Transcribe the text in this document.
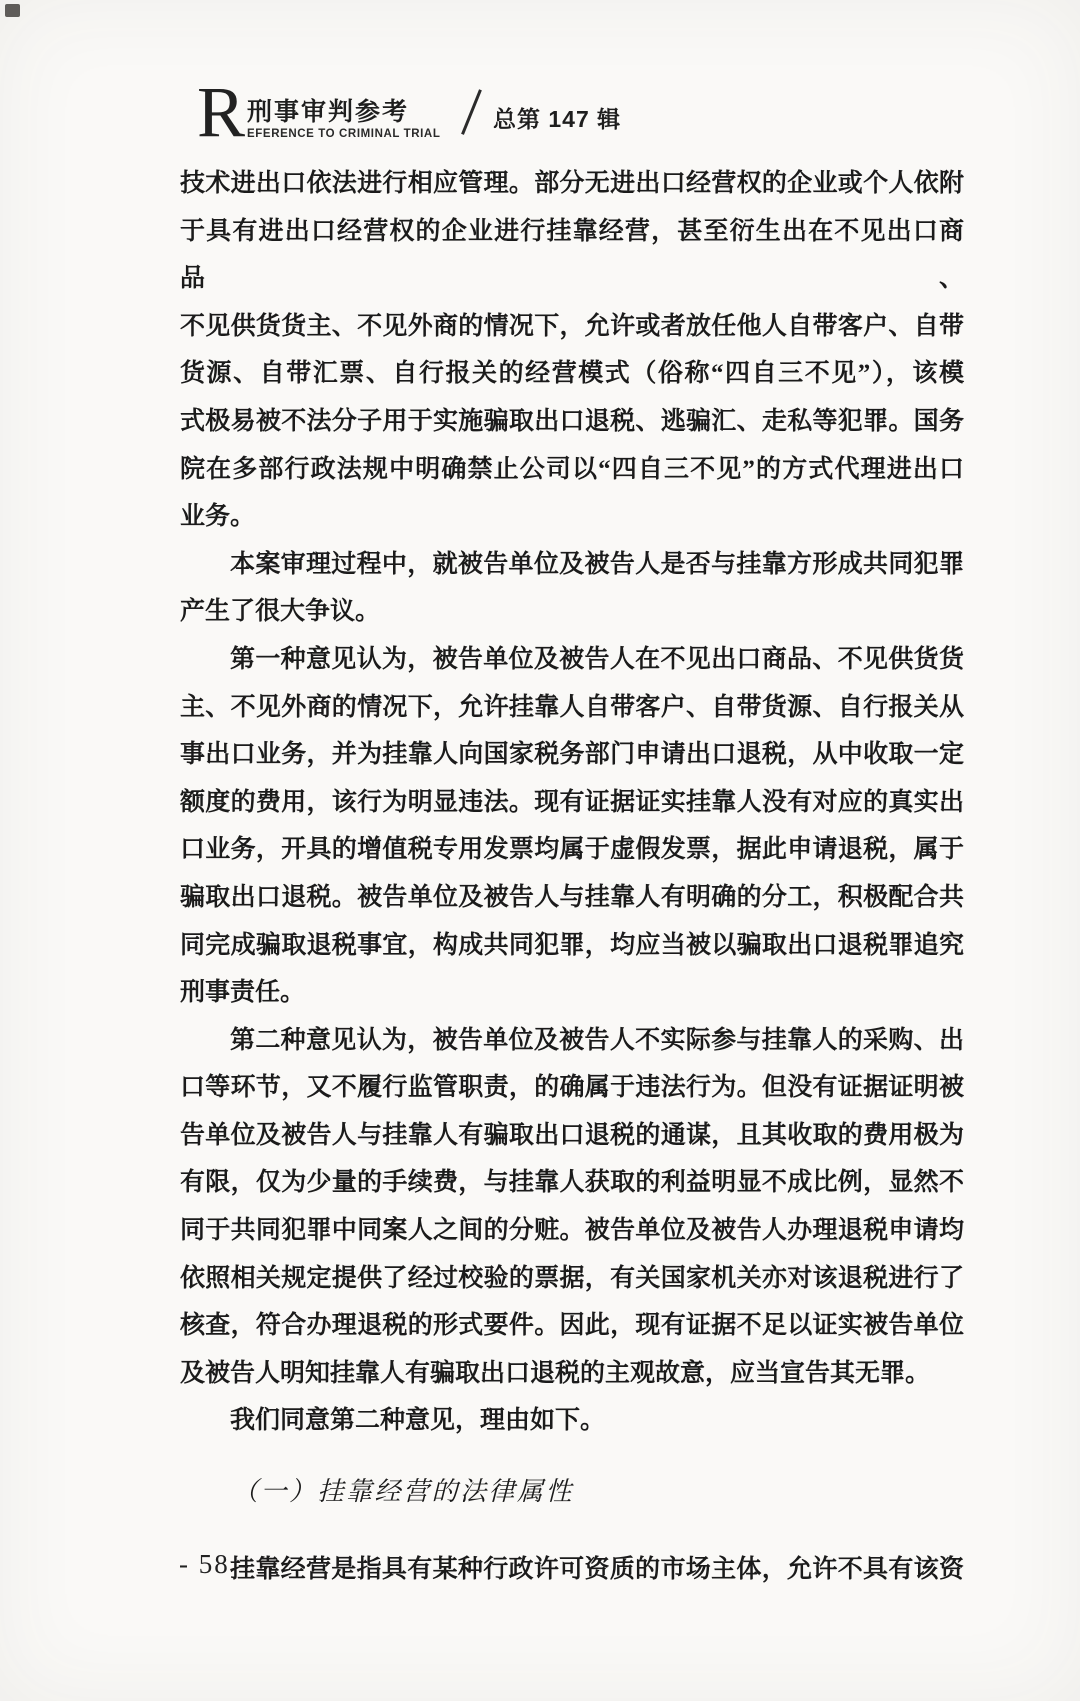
R 刑事审判参考
EFERENCE TO CRIMINAL TRIAL
总第 147 辑
技术进出口依法进行相应管理。部分无进出口经营权的企业或个人依附
于具有进出口经营权的企业进行挂靠经营，甚至衍生出在不见出口商品、
不见供货货主、不见外商的情况下，允许或者放任他人自带客户、自带
货源、自带汇票、自行报关的经营模式（俗称“四自三不见”），该模
式极易被不法分子用于实施骗取出口退税、逃骗汇、走私等犯罪。国务
院在多部行政法规中明确禁止公司以“四自三不见”的方式代理进出口
业务。
本案审理过程中，就被告单位及被告人是否与挂靠方形成共同犯罪
产生了很大争议。
第一种意见认为，被告单位及被告人在不见出口商品、不见供货货
主、不见外商的情况下，允许挂靠人自带客户、自带货源、自行报关从
事出口业务，并为挂靠人向国家税务部门申请出口退税，从中收取一定
额度的费用，该行为明显违法。现有证据证实挂靠人没有对应的真实出
口业务，开具的增值税专用发票均属于虚假发票，据此申请退税，属于
骗取出口退税。被告单位及被告人与挂靠人有明确的分工，积极配合共
同完成骗取退税事宜，构成共同犯罪，均应当被以骗取出口退税罪追究
刑事责任。
第二种意见认为，被告单位及被告人不实际参与挂靠人的采购、出
口等环节，又不履行监管职责，的确属于违法行为。但没有证据证明被
告单位及被告人与挂靠人有骗取出口退税的通谋，且其收取的费用极为
有限，仅为少量的手续费，与挂靠人获取的利益明显不成比例，显然不
同于共同犯罪中同案人之间的分赃。被告单位及被告人办理退税申请均
依照相关规定提供了经过校验的票据，有关国家机关亦对该退税进行了
核查，符合办理退税的形式要件。因此，现有证据不足以证实被告单位
及被告人明知挂靠人有骗取出口退税的主观故意，应当宣告其无罪。
我们同意第二种意见，理由如下。
（一）挂靠经营的法律属性
挂靠经营是指具有某种行政许可资质的市场主体，允许不具有该资
- 58 -
